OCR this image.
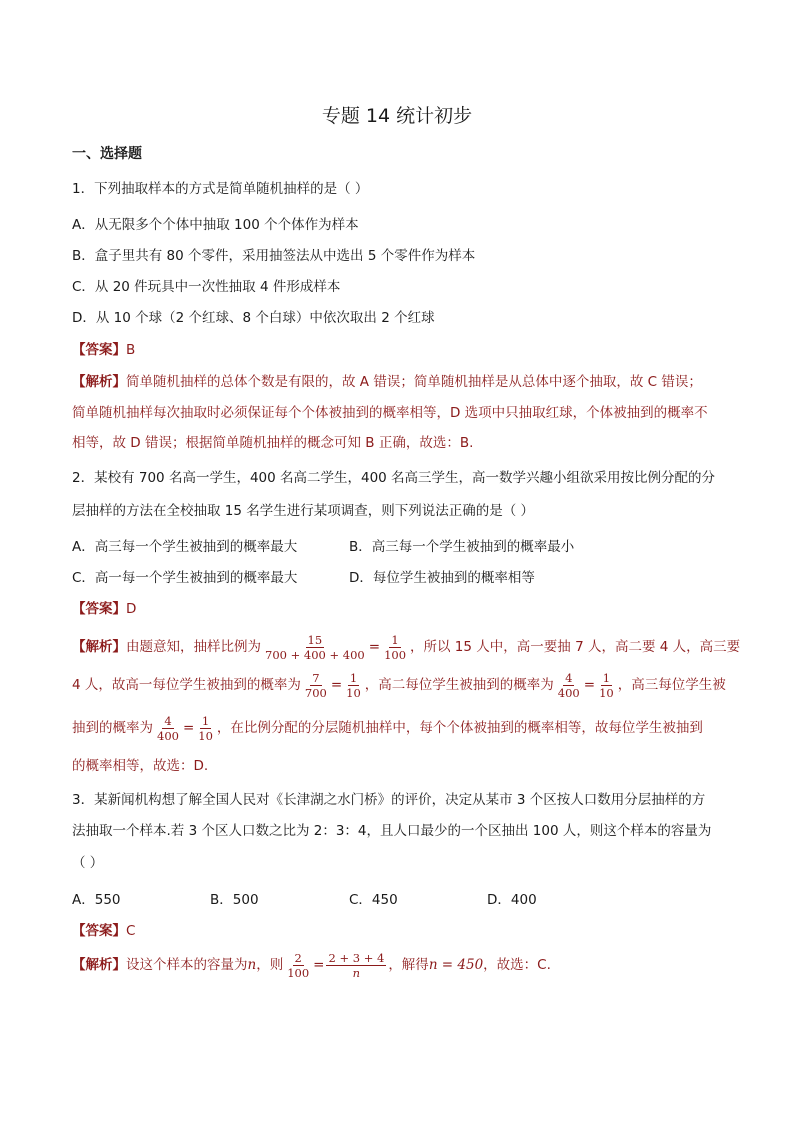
专题 14 统计初步
一、选择题
1．下列抽取样本的方式是简单随机抽样的是（ ）
A．从无限多个个体中抽取 100 个个体作为样本
B．盒子里共有 80 个零件，采用抽签法从中选出 5 个零件作为样本
C．从 20 件玩具中一次性抽取 4 件形成样本
D．从 10 个球（2 个红球、8 个白球）中依次取出 2 个红球
【答案】B
【解析】简单随机抽样的总体个数是有限的，故 A 错误；简单随机抽样是从总体中逐个抽取，故 C 错误；
简单随机抽样每次抽取时必须保证每个个体被抽到的概率相等，D 选项中只抽取红球，个体被抽到的概率不
相等，故 D 错误；根据简单随机抽样的概念可知 B 正确，故选：B.
2．某校有 700 名高一学生，400 名高二学生，400 名高三学生，高一数学兴趣小组欲采用按比例分配的分
层抽样的方法在全校抽取 15 名学生进行某项调查，则下列说法正确的是（ ）
A．高三每一个学生被抽到的概率最大	B．高三每一个学生被抽到的概率最小
C．高一每一个学生被抽到的概率最大	D．每位学生被抽到的概率相等
【答案】D
【解析】由题意知，抽样比例为 $\frac{15}{700 + 400 + 400} = \frac{1}{100}$ ，所以 15 人中，高一要抽 7 人，高二要 4 人，高三要
4 人，故高一每位学生被抽到的概率为 $\frac{7}{700} = \frac{1}{10}$ ，高二每位学生被抽到的概率为 $\frac{4}{400} = \frac{1}{10}$ ，高三每位学生被
抽到的概率为 $\frac{4}{400} = \frac{1}{10}$ ，在比例分配的分层随机抽样中，每个个体被抽到的概率相等，故每位学生被抽到
的概率相等，故选：D.
3．某新闻机构想了解全国人民对《长津湖之水门桥》的评价，决定从某市 3 个区按人口数用分层抽样的方
法抽取一个样本.若 3 个区人口数之比为 2：3：4，且人口最少的一个区抽出 100 人，则这个样本的容量为
（ ）
A．550	B．500	C．450	D．400
【答案】C
【解析】设这个样本的容量为n，则 $\frac{2}{100} = \frac{2 + 3 + 4}{n}$ ，解得n = 450，故选：C.
